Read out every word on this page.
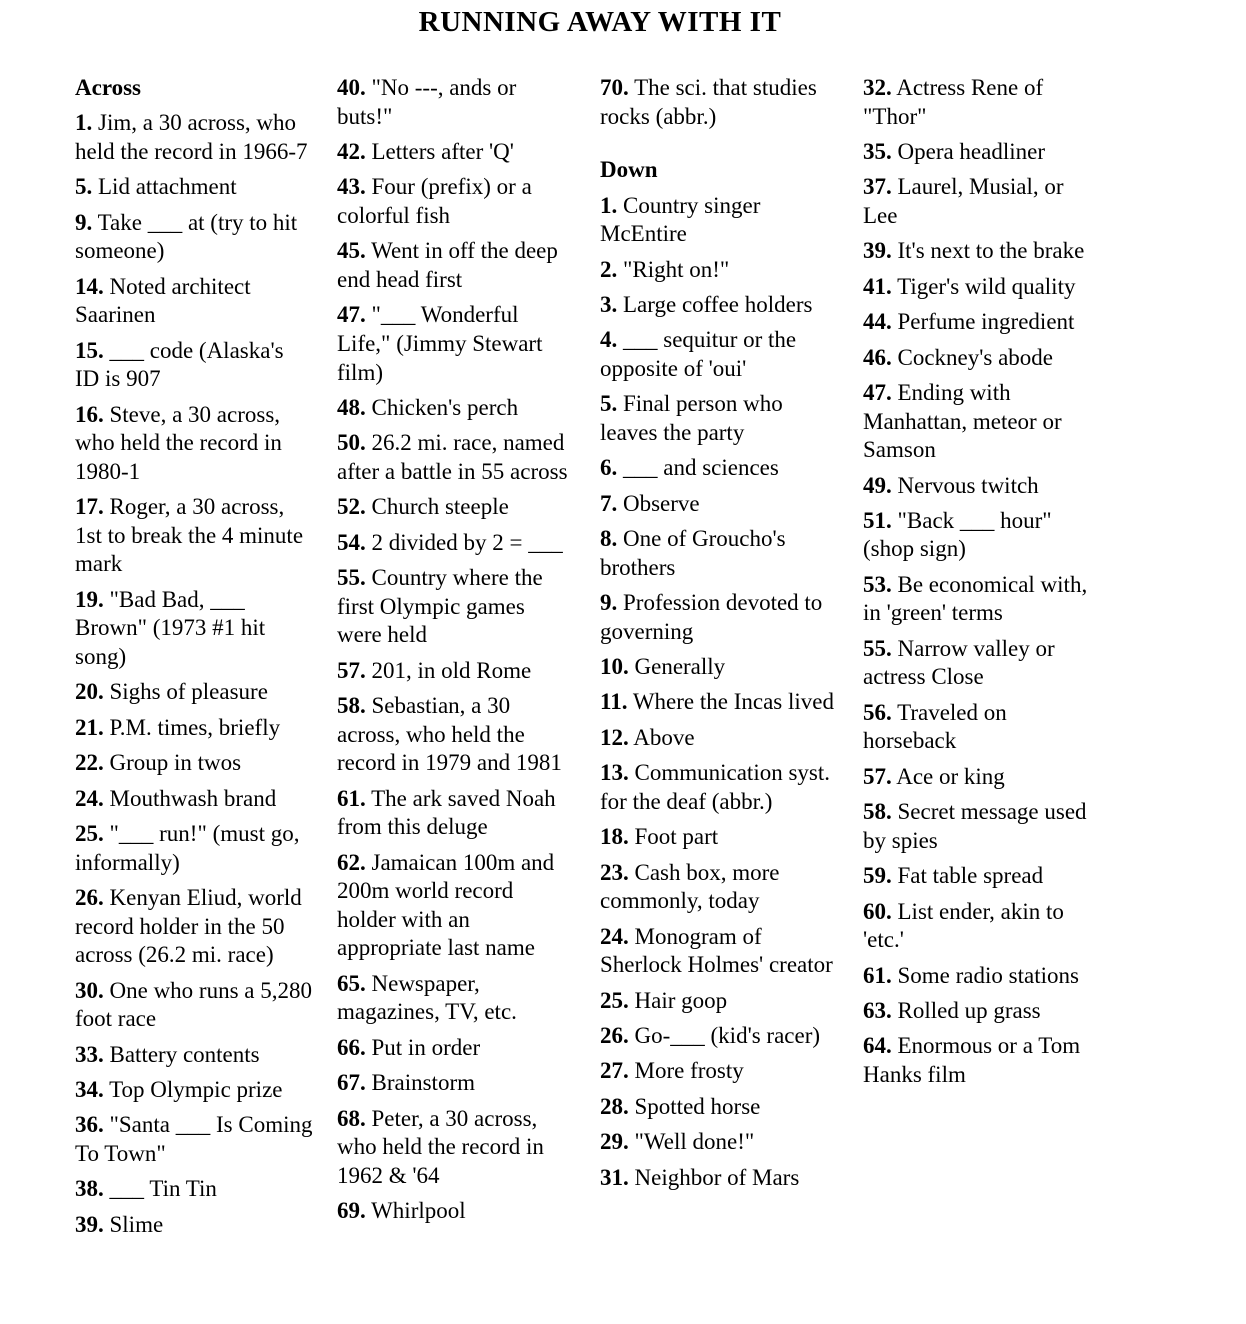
RUNNING AWAY WITH IT
Across
1. Jim, a 30 across, who held the record in 1966-7
5. Lid attachment
9. Take ___ at (try to hit someone)
14. Noted architect Saarinen
15. ___ code (Alaska's ID is 907
16. Steve, a 30 across, who held the record in 1980-1
17. Roger, a 30 across, 1st to break the 4 minute mark
19. "Bad Bad, ___ Brown" (1973 #1 hit song)
20. Sighs of pleasure
21. P.M. times, briefly
22. Group in twos
24. Mouthwash brand
25. "___ run!" (must go, informally)
26. Kenyan Eliud, world record holder in the 50 across (26.2 mi. race)
30. One who runs a 5,280 foot race
33. Battery contents
34. Top Olympic prize
36. "Santa ___ Is Coming To Town"
38. ___ Tin Tin
39. Slime
40. "No ---, ands or buts!"
42. Letters after 'Q'
43. Four (prefix) or a colorful fish
45. Went in off the deep end head first
47. "___ Wonderful Life," (Jimmy Stewart film)
48. Chicken's perch
50. 26.2 mi. race, named after a battle in 55 across
52. Church steeple
54. 2 divided by 2 = ___
55. Country where the first Olympic games were held
57. 201, in old Rome
58. Sebastian, a 30 across, who held the record in 1979 and 1981
61. The ark saved Noah from this deluge
62. Jamaican 100m and 200m world record holder with an appropriate last name
65. Newspaper, magazines, TV, etc.
66. Put in order
67. Brainstorm
68. Peter, a 30 across, who held the record in 1962 & '64
69. Whirlpool
70. The sci. that studies rocks (abbr.)
Down
1. Country singer McEntire
2. "Right on!"
3. Large coffee holders
4. ___ sequitur or the opposite of 'oui'
5. Final person who leaves the party
6. ___ and sciences
7. Observe
8. One of Groucho's brothers
9. Profession devoted to governing
10. Generally
11. Where the Incas lived
12. Above
13. Communication syst. for the deaf (abbr.)
18. Foot part
23. Cash box, more commonly, today
24. Monogram of Sherlock Holmes' creator
25. Hair goop
26. Go-___ (kid's racer)
27. More frosty
28. Spotted horse
29. "Well done!"
31. Neighbor of Mars
32. Actress Rene of "Thor"
35. Opera headliner
37. Laurel, Musial, or Lee
39. It's next to the brake
41. Tiger's wild quality
44. Perfume ingredient
46. Cockney's abode
47. Ending with Manhattan, meteor or Samson
49. Nervous twitch
51. "Back ___ hour" (shop sign)
53. Be economical with, in 'green' terms
55. Narrow valley or actress Close
56. Traveled on horseback
57. Ace or king
58. Secret message used by spies
59. Fat table spread
60. List ender, akin to 'etc.'
61. Some radio stations
63. Rolled up grass
64. Enormous or a Tom Hanks film
